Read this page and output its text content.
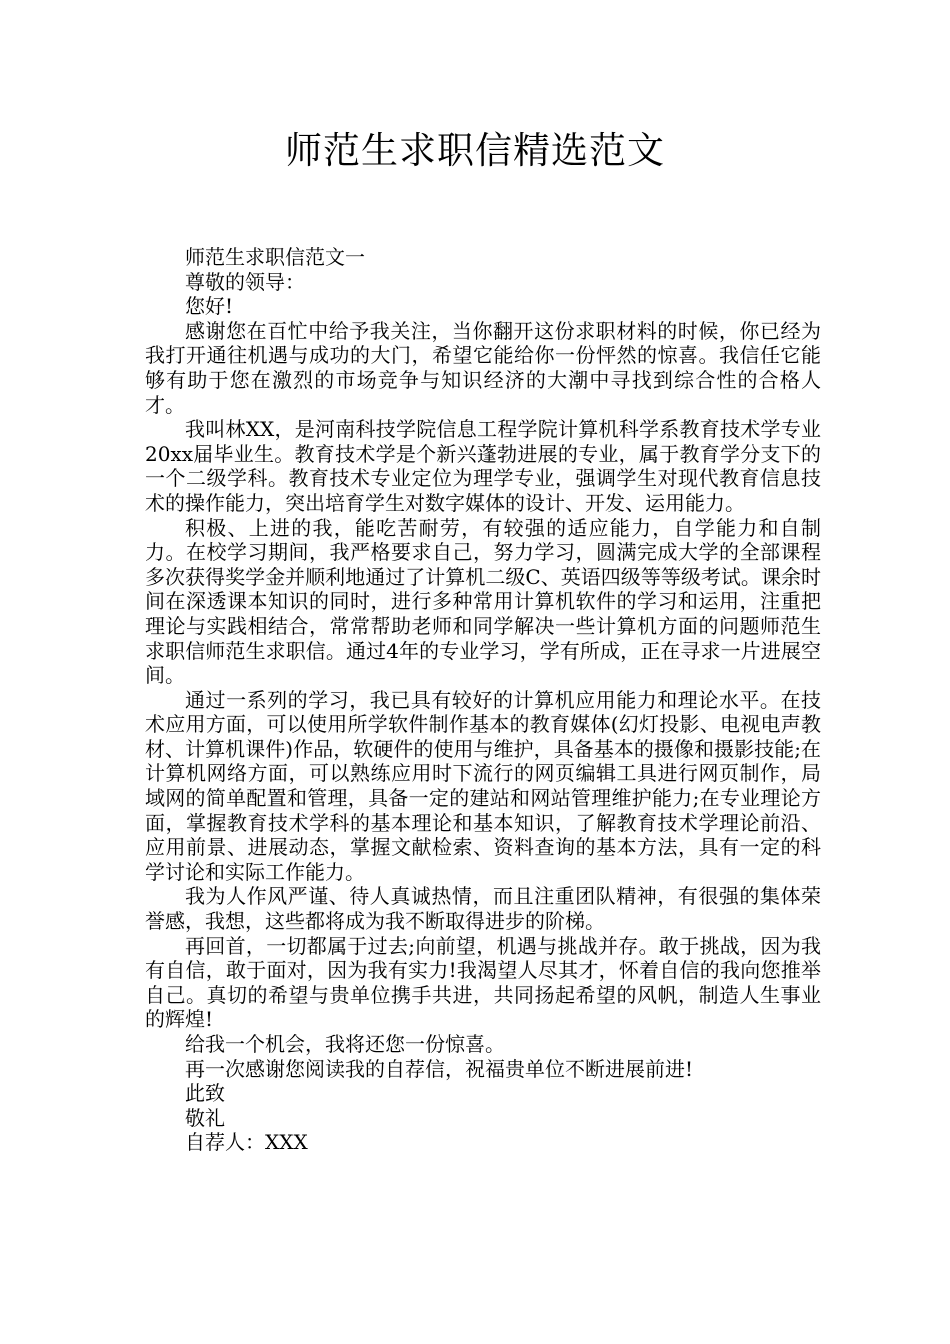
师范生求职信精选范文

师范生求职信范文一

尊敬的领导：

您好!

感谢您在百忙中给予我关注，当你翻开这份求职材料的时候，你已经为我打开通往机遇与成功的大门，希望它能给你一份怦然的惊喜。我信任它能够有助于您在激烈的市场竞争与知识经济的大潮中寻找到综合性的合格人才。

我叫林XX，是河南科技学院信息工程学院计算机科学系教育技术学专业20xx届毕业生。教育技术学是个新兴蓬勃进展的专业，属于教育学分支下的一个二级学科。教育技术专业定位为理学专业，强调学生对现代教育信息技术的操作能力，突出培育学生对数字媒体的设计、开发、运用能力。

积极、上进的我，能吃苦耐劳，有较强的适应能力，自学能力和自制力。在校学习期间，我严格要求自己，努力学习，圆满完成大学的全部课程多次获得奖学金并顺利地通过了计算机二级C、英语四级等等级考试。课余时间在深透课本知识的同时，进行多种常用计算机软件的学习和运用，注重把理论与实践相结合，常常帮助老师和同学解决一些计算机方面的问题师范生求职信师范生求职信。通过4年的专业学习，学有所成，正在寻求一片进展空间。

通过一系列的学习，我已具有较好的计算机应用能力和理论水平。在技术应用方面，可以使用所学软件制作基本的教育媒体(幻灯投影、电视电声教材、计算机课件)作品，软硬件的使用与维护，具备基本的摄像和摄影技能;在计算机网络方面，可以熟练应用时下流行的网页编辑工具进行网页制作，局域网的简单配置和管理，具备一定的建站和网站管理维护能力;在专业理论方面，掌握教育技术学科的基本理论和基本知识，了解教育技术学理论前沿、应用前景、进展动态，掌握文献检索、资料查询的基本方法，具有一定的科学讨论和实际工作能力。

我为人作风严谨、待人真诚热情，而且注重团队精神，有很强的集体荣誉感，我想，这些都将成为我不断取得进步的阶梯。

再回首，一切都属于过去;向前望，机遇与挑战并存。敢于挑战，因为我有自信，敢于面对，因为我有实力!我渴望人尽其才，怀着自信的我向您推举自己。真切的希望与贵单位携手共进，共同扬起希望的风帆，制造人生事业的辉煌!

给我一个机会，我将还您一份惊喜。

再一次感谢您阅读我的自荐信，祝福贵单位不断进展前进!

此致

敬礼

自荐人：XXX
